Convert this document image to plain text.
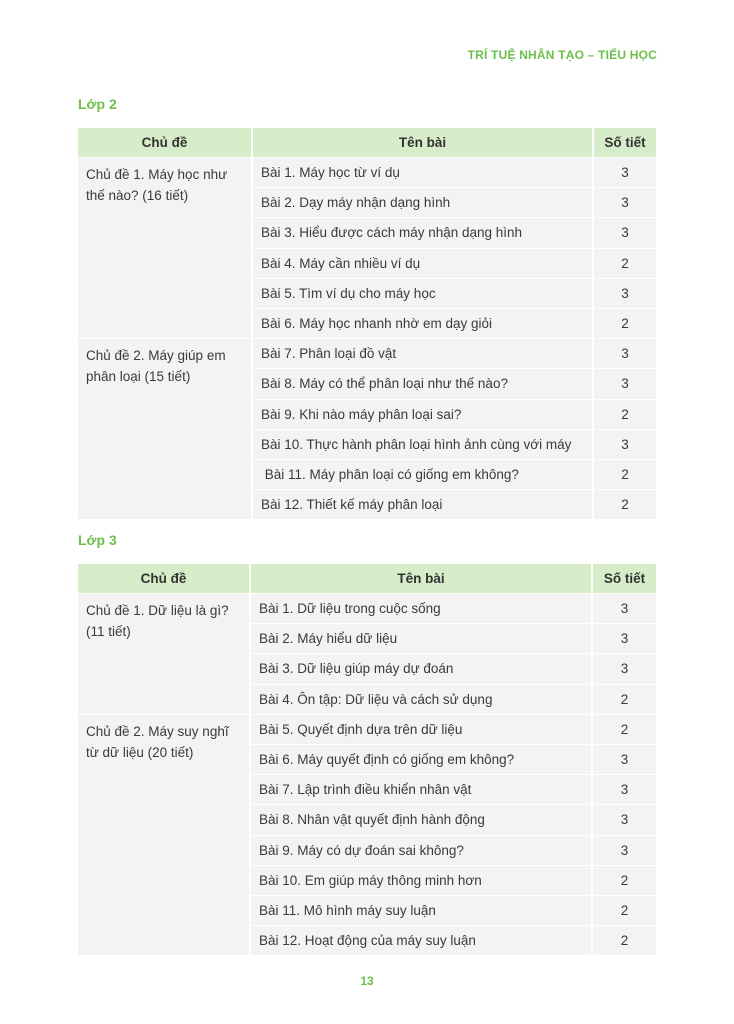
TRÍ TUỆ NHÂN TẠO – TIỂU HỌC
Lớp 2
Chủ đề	Tên bài	Số tiết
Chủ đề 1. Máy học như thế nào? (16 tiết)	Bài 1. Máy học từ ví dụ	3
	Bài 2. Dạy máy nhận dạng hình	3
	Bài 3. Hiểu được cách máy nhận dạng hình	3
	Bài 4. Máy cần nhiều ví dụ	2
	Bài 5. Tìm ví dụ cho máy học	3
	Bài 6. Máy học nhanh nhờ em dạy giỏi	2
Chủ đề 2. Máy giúp em phân loại (15 tiết)	Bài 7. Phân loại đồ vật	3
	Bài 8. Máy có thể phân loại như thế nào?	3
	Bài 9. Khi nào máy phân loại sai?	2
	Bài 10. Thực hành phân loại hình ảnh cùng với máy	3
	Bài 11. Máy phân loại có giống em không?	2
	Bài 12. Thiết kế máy phân loại	2
Lớp 3
Chủ đề	Tên bài	Số tiết
Chủ đề 1. Dữ liệu là gì? (11 tiết)	Bài 1. Dữ liệu trong cuộc sống	3
	Bài 2. Máy hiểu dữ liệu	3
	Bài 3. Dữ liệu giúp máy dự đoán	3
	Bài 4. Ôn tập: Dữ liệu và cách sử dụng	2
Chủ đề 2. Máy suy nghĩ từ dữ liệu (20 tiết)	Bài 5. Quyết định dựa trên dữ liệu	2
	Bài 6. Máy quyết định có giống em không?	3
	Bài 7. Lập trình điều khiển nhân vật	3
	Bài 8. Nhân vật quyết định hành động	3
	Bài 9. Máy có dự đoán sai không?	3
	Bài 10. Em giúp máy thông minh hơn	2
	Bài 11. Mô hình máy suy luận	2
	Bài 12. Hoạt động của máy suy luận	2
13
